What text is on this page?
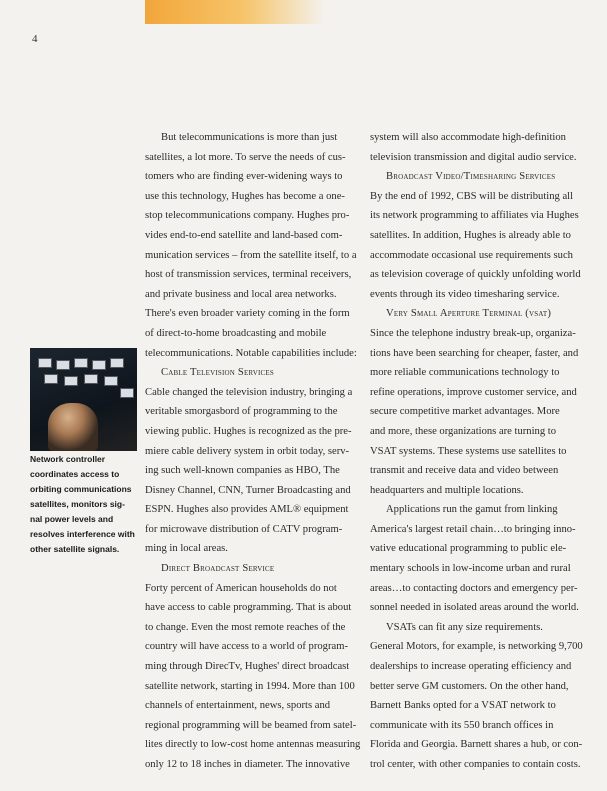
4
Network controller
coordinates access to
orbiting communications
satellites, monitors sig-
nal power levels and
resolves interference with
other satellite signals.
But telecommunications is more than just
satellites, a lot more. To serve the needs of cus-
tomers who are finding ever-widening ways to
use this technology, Hughes has become a one-
stop telecommunications company. Hughes pro-
vides end-to-end satellite and land-based com-
munication services – from the satellite itself, to a
host of transmission services, terminal receivers,
and private business and local area networks.
There's even broader variety coming in the form
of direct-to-home broadcasting and mobile
telecommunications. Notable capabilities include:
Cable Television Services
Cable changed the television industry, bringing a
veritable smorgasbord of programming to the
viewing public. Hughes is recognized as the pre-
miere cable delivery system in orbit today, serv-
ing such well-known companies as HBO, The
Disney Channel, CNN, Turner Broadcasting and
ESPN. Hughes also provides AML® equipment
for microwave distribution of CATV program-
ming in local areas.
Direct Broadcast Service
Forty percent of American households do not
have access to cable programming. That is about
to change. Even the most remote reaches of the
country will have access to a world of program-
ming through DirecTv, Hughes' direct broadcast
satellite network, starting in 1994. More than 100
channels of entertainment, news, sports and
regional programming will be beamed from satel-
lites directly to low-cost home antennas measuring
only 12 to 18 inches in diameter. The innovative
system will also accommodate high-definition
television transmission and digital audio service.
Broadcast Video/Timesharing Services
By the end of 1992, CBS will be distributing all
its network programming to affiliates via Hughes
satellites. In addition, Hughes is already able to
accommodate occasional use requirements such
as television coverage of quickly unfolding world
events through its video timesharing service.
Very Small Aperture Terminal (vsat)
Since the telephone industry break-up, organiza-
tions have been searching for cheaper, faster, and
more reliable communications technology to
refine operations, improve customer service, and
secure competitive market advantages. More
and more, these organizations are turning to
VSAT systems. These systems use satellites to
transmit and receive data and video between
headquarters and multiple locations.
Applications run the gamut from linking
America's largest retail chain…to bringing inno-
vative educational programming to public ele-
mentary schools in low-income urban and rural
areas…to contacting doctors and emergency per-
sonnel needed in isolated areas around the world.
VSATs can fit any size requirements.
General Motors, for example, is networking 9,700
dealerships to increase operating efficiency and
better serve GM customers. On the other hand,
Barnett Banks opted for a VSAT network to
communicate with its 550 branch offices in
Florida and Georgia. Barnett shares a hub, or con-
trol center, with other companies to contain costs.
